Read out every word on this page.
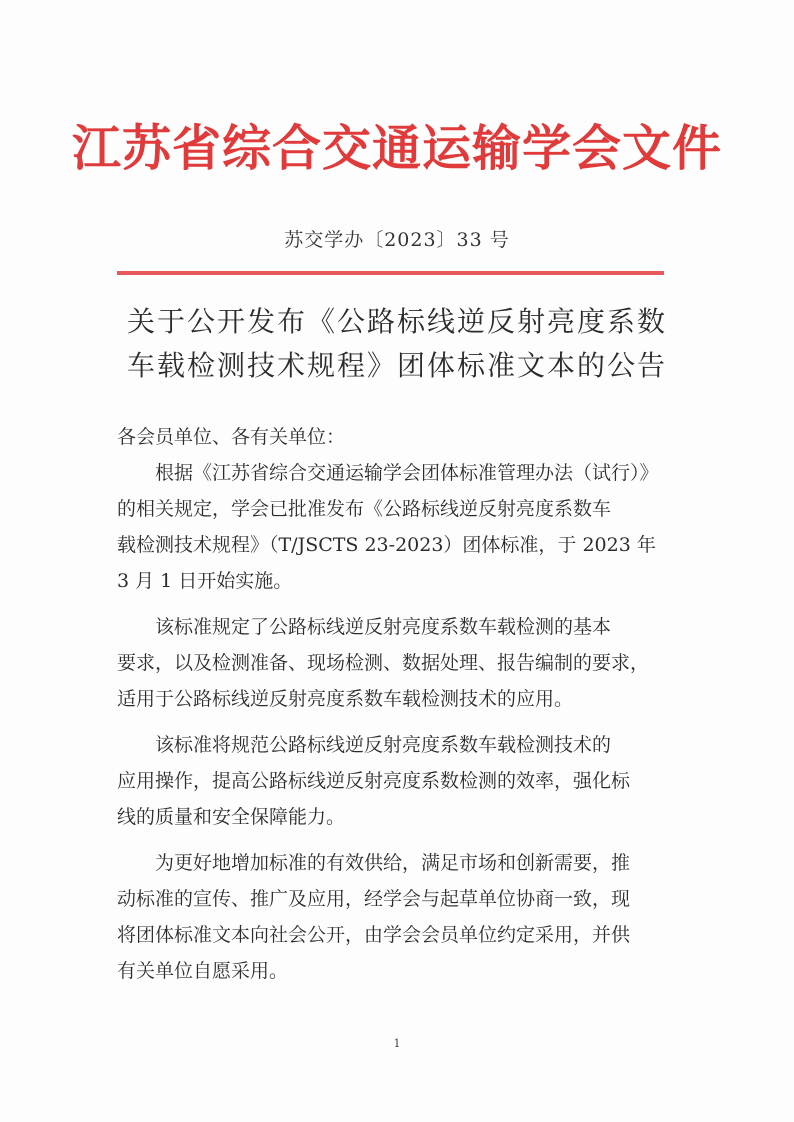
江苏省综合交通运输学会文件
苏交学办〔2023〕33 号
关于公开发布《公路标线逆反射亮度系数
车载检测技术规程》团体标准文本的公告
各会员单位、各有关单位：
根据《江苏省综合交通运输学会团体标准管理办法（试行）》
的相关规定，学会已批准发布《公路标线逆反射亮度系数车
载检测技术规程》（T/JSCTS 23-2023）团体标准，于 2023 年
3 月 1 日开始实施。
该标准规定了公路标线逆反射亮度系数车载检测的基本
要求，以及检测准备、现场检测、数据处理、报告编制的要求，
适用于公路标线逆反射亮度系数车载检测技术的应用。
该标准将规范公路标线逆反射亮度系数车载检测技术的
应用操作，提高公路标线逆反射亮度系数检测的效率，强化标
线的质量和安全保障能力。
为更好地增加标准的有效供给，满足市场和创新需要，推
动标准的宣传、推广及应用，经学会与起草单位协商一致，现
将团体标准文本向社会公开，由学会会员单位约定采用，并供
有关单位自愿采用。
1
